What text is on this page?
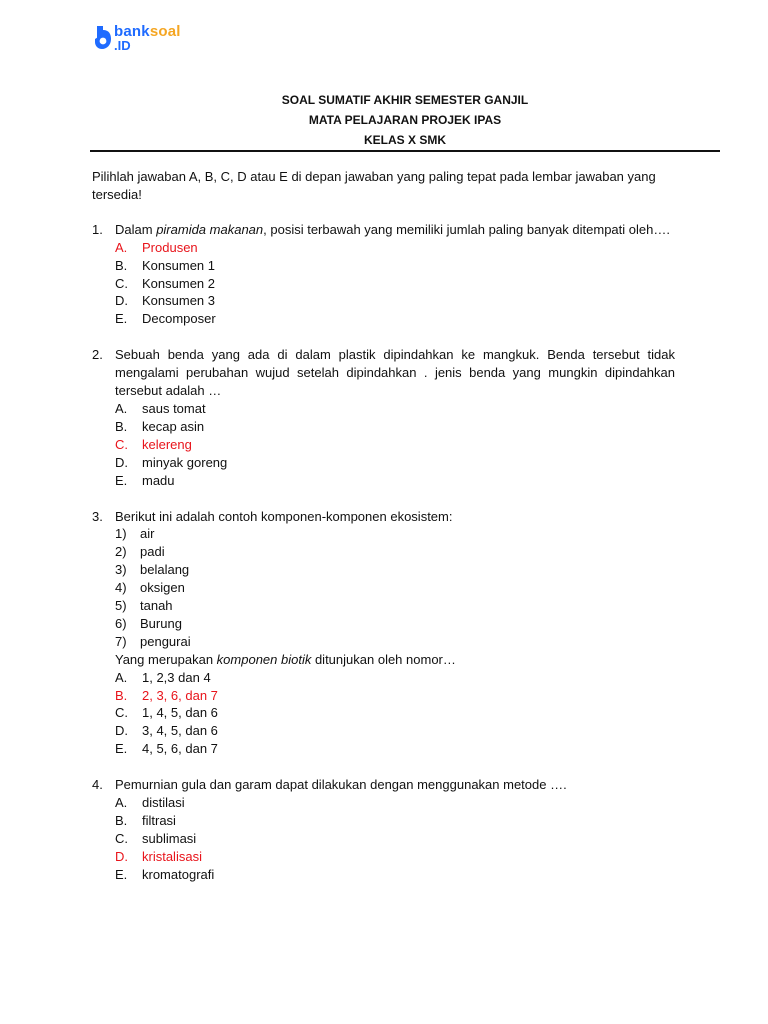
banksoal
.ID
SOAL SUMATIF AKHIR SEMESTER GANJIL
MATA PELAJARAN PROJEK IPAS
KELAS X SMK
Pilihlah jawaban A, B, C, D atau E di depan jawaban yang paling tepat pada lembar jawaban yang tersedia!
1. Dalam piramida makanan, posisi terbawah yang memiliki jumlah paling banyak ditempati oleh….
A.	Produsen
B.	Konsumen 1
C.	Konsumen 2
D.	Konsumen 3
E.	Decomposer
2. Sebuah benda yang ada di dalam plastik dipindahkan ke mangkuk. Benda tersebut tidak mengalami perubahan wujud setelah dipindahkan . jenis benda yang mungkin dipindahkan tersebut adalah …
A.	saus tomat
B.	kecap asin
C.	kelereng
D.	minyak goreng
E.	madu
3. Berikut ini adalah contoh komponen-komponen ekosistem:
1)	air
2)	padi
3)	belalang
4)	oksigen
5)	tanah
6)	Burung
7)	pengurai
Yang merupakan komponen biotik ditunjukan oleh nomor…
A.	1, 2,3 dan 4
B.	2, 3, 6, dan 7
C.	1, 4, 5, dan 6
D.	3, 4, 5, dan 6
E.	4, 5, 6, dan 7
4. Pemurnian gula dan garam dapat dilakukan dengan menggunakan metode ….
A.	distilasi
B.	filtrasi
C.	sublimasi
D.	kristalisasi
E.	kromatografi
